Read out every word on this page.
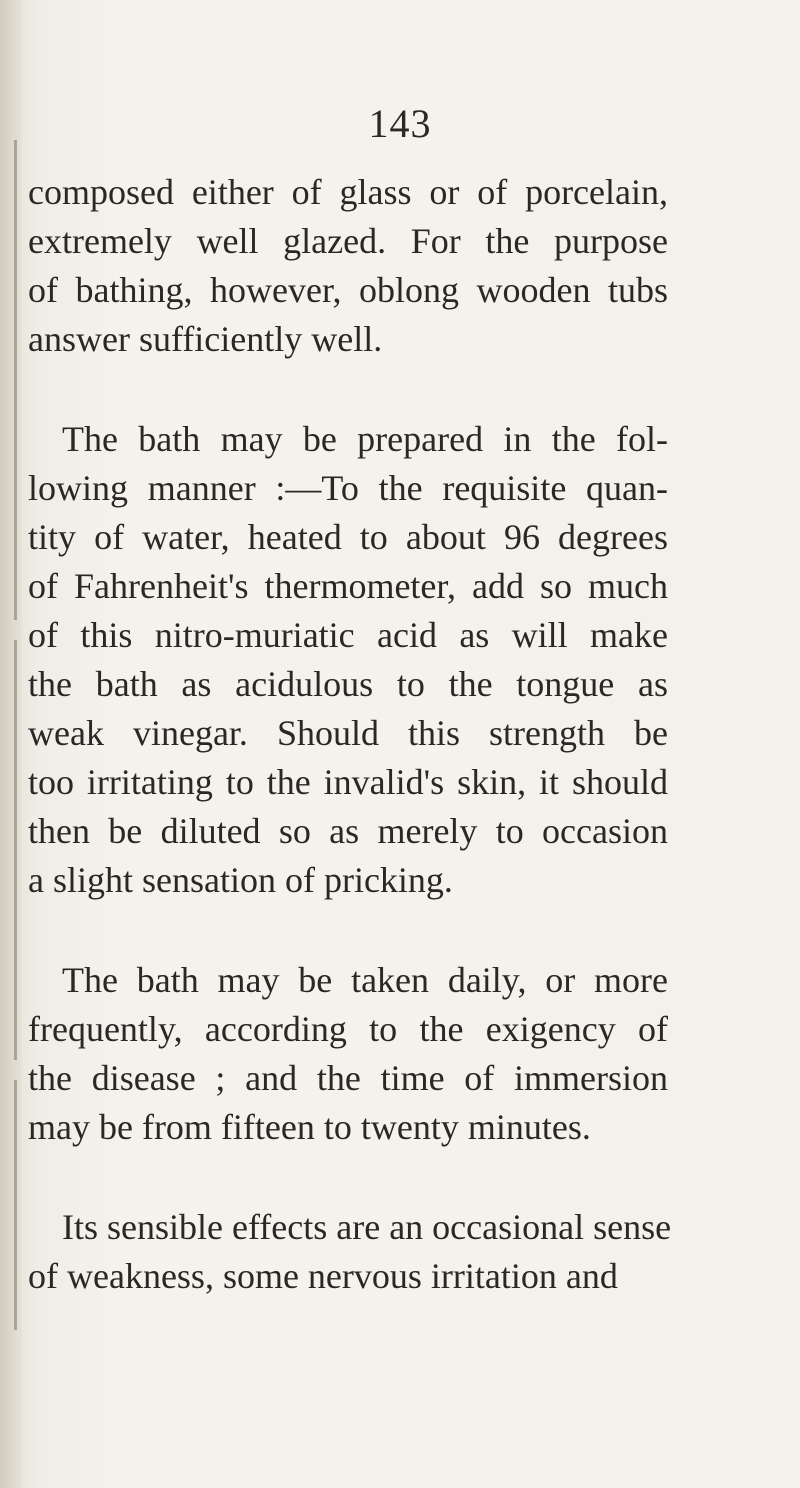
143

composed either of glass or of porcelain,
extremely well glazed. For the purpose
of bathing, however, oblong wooden tubs
answer sufficiently well.

The bath may be prepared in the fol-
lowing manner :—To the requisite quan-
tity of water, heated to about 96 degrees
of Fahrenheit's thermometer, add so much
of this nitro-muriatic acid as will make
the bath as acidulous to the tongue as
weak vinegar. Should this strength be
too irritating to the invalid's skin, it should
then be diluted so as merely to occasion
a slight sensation of pricking.

The bath may be taken daily, or more
frequently, according to the exigency of
the disease ; and the time of immersion
may be from fifteen to twenty minutes.

Its sensible effects are an occasional sense
of weakness, some nervous irritation and
